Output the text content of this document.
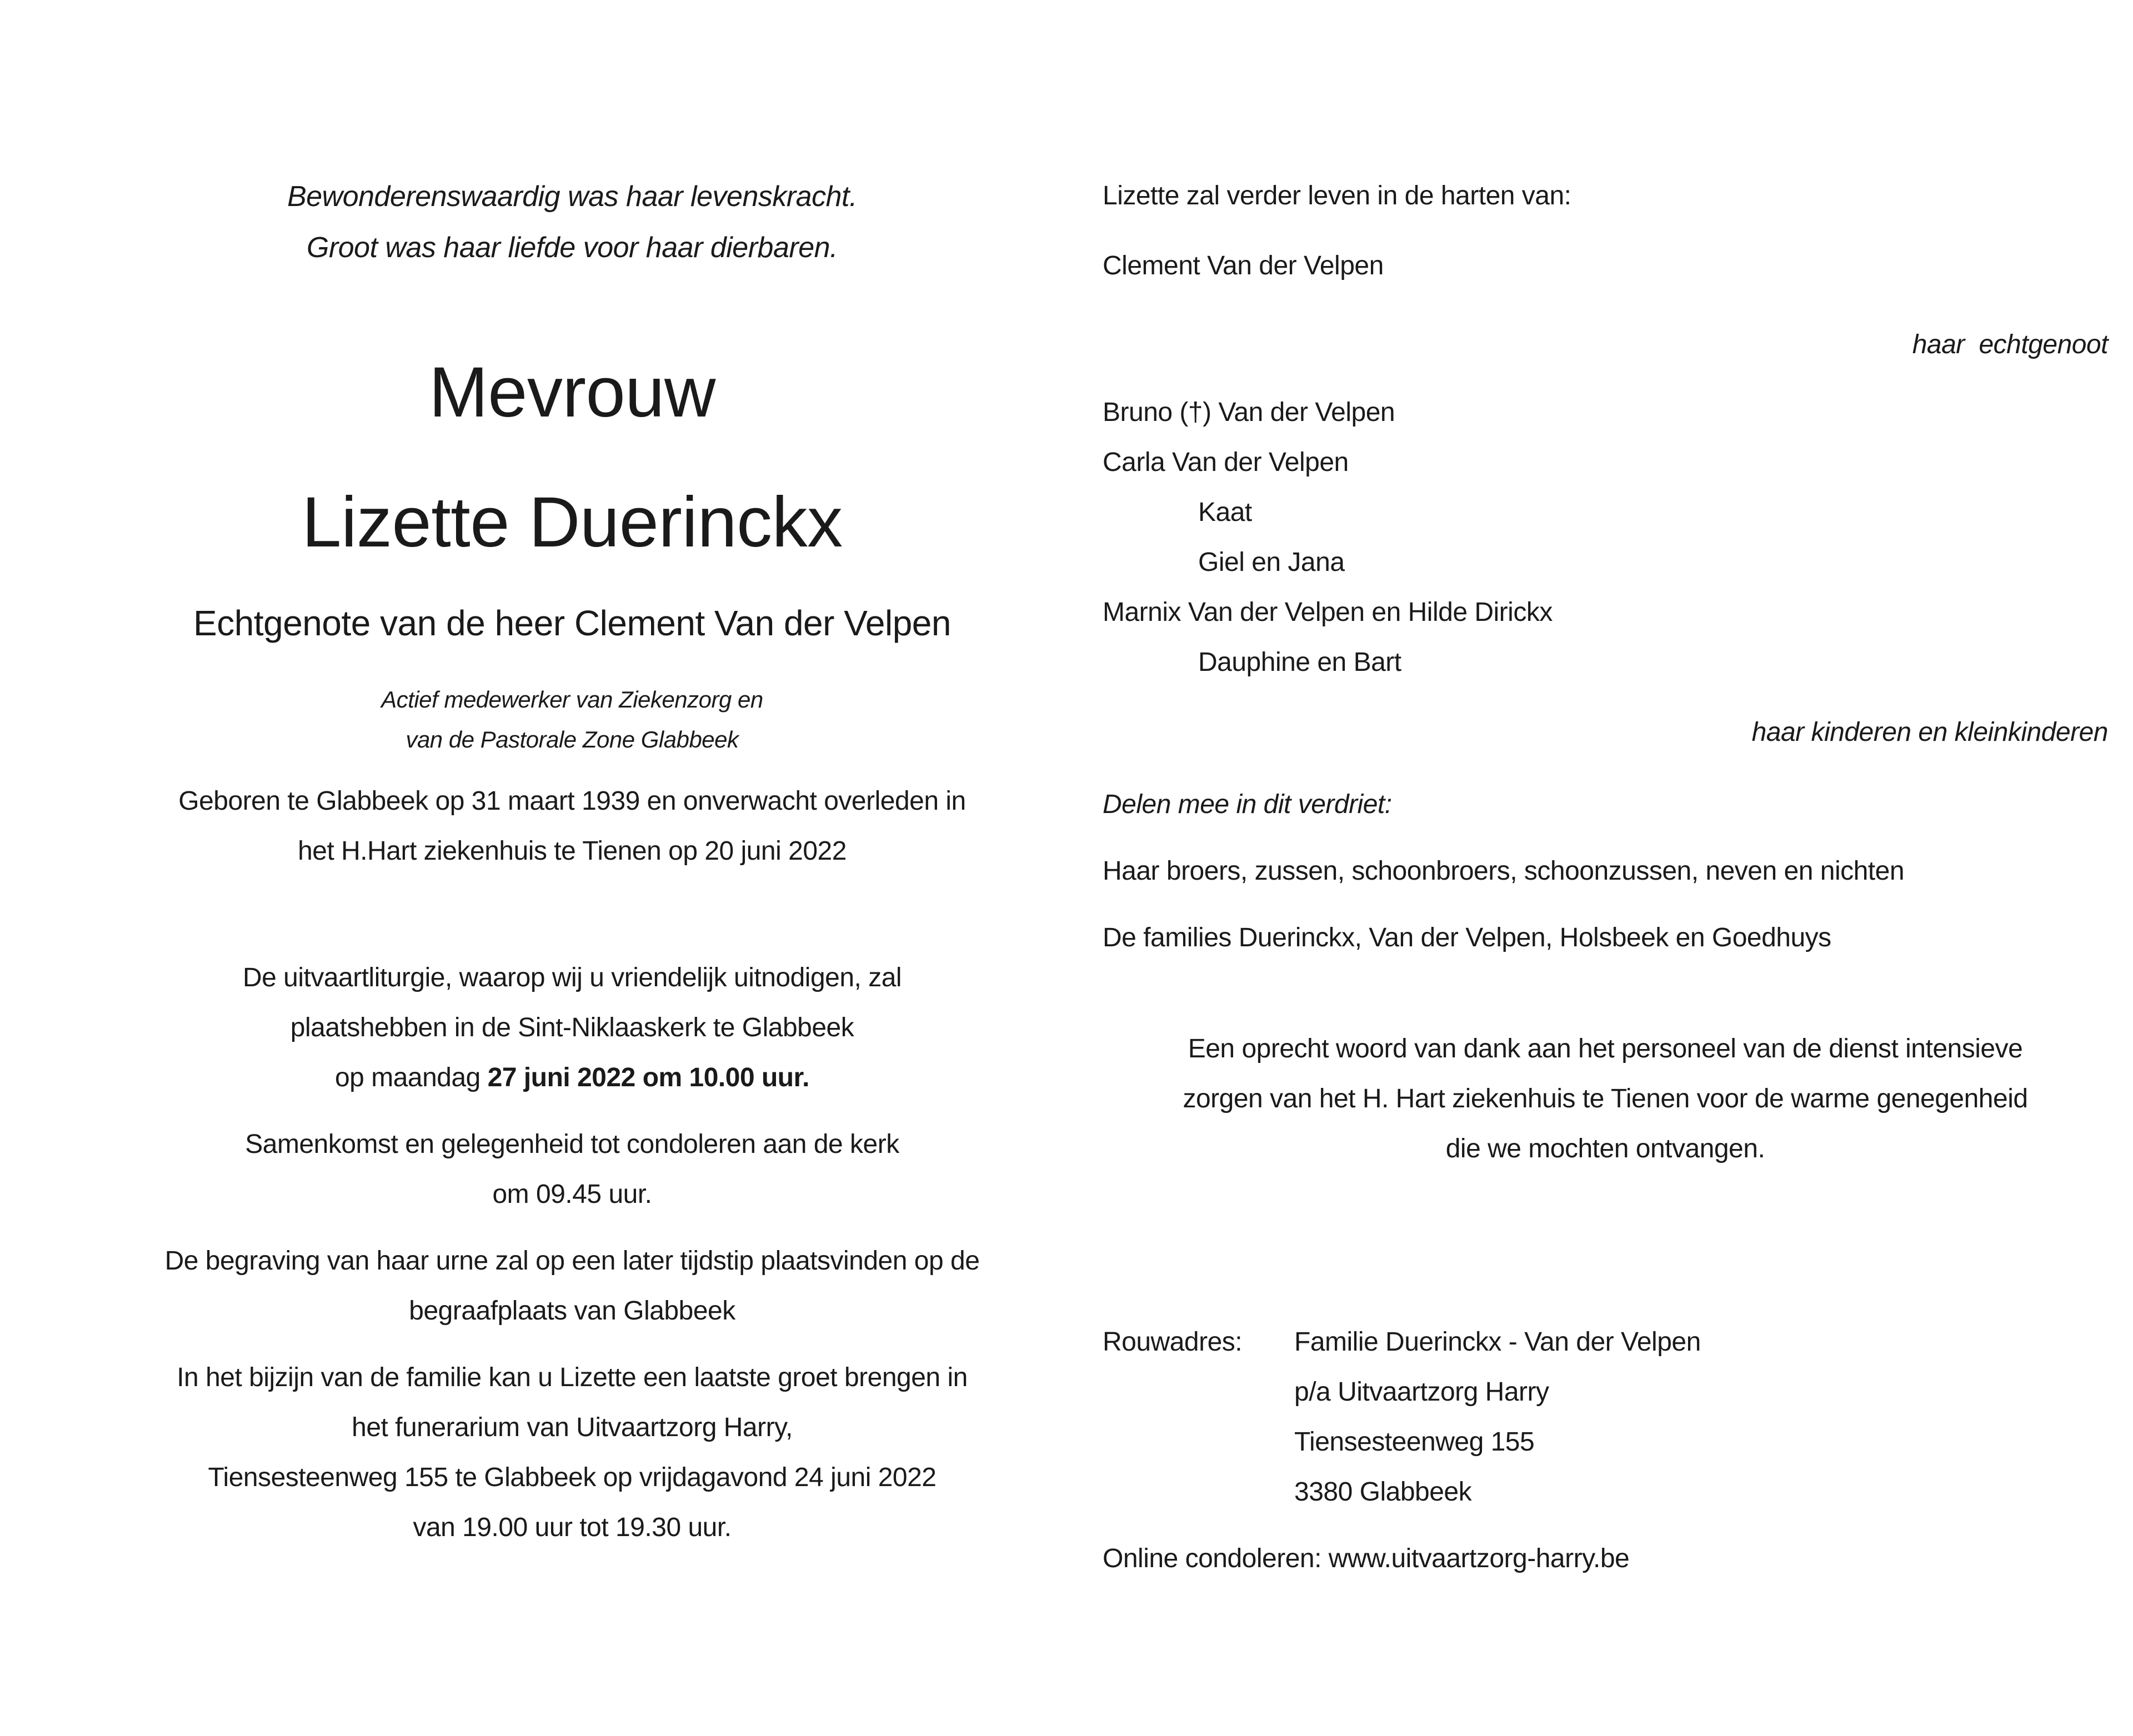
Bewonderenswaardig was haar levenskracht.
Groot was haar liefde voor haar dierbaren.
Mevrouw
Lizette Duerinckx
Echtgenote van de heer Clement Van der Velpen
Actief medewerker van Ziekenzorg en
van de Pastorale Zone Glabbeek
Geboren te Glabbeek op 31 maart 1939 en onverwacht overleden in
het H.Hart ziekenhuis te Tienen op 20 juni 2022
De uitvaartliturgie, waarop wij u vriendelijk uitnodigen, zal
plaatshebben in de Sint-Niklaaskerk te Glabbeek
op maandag 27 juni 2022 om 10.00 uur.
Samenkomst en gelegenheid tot condoleren aan de kerk
om 09.45 uur.
De begraving van haar urne zal op een later tijdstip plaatsvinden op de
begraafplaats van Glabbeek
In het bijzijn van de familie kan u Lizette een laatste groet brengen in
het funerarium van Uitvaartzorg Harry,
Tiensesteenweg 155 te Glabbeek op vrijdagavond 24 juni 2022
van 19.00 uur tot 19.30 uur.
Lizette zal verder leven in de harten van:
Clement Van der Velpen
haar  echtgenoot
Bruno (†) Van der Velpen
Carla Van der Velpen
Kaat
Giel en Jana
Marnix Van der Velpen en Hilde Dirickx
Dauphine en Bart
haar kinderen en kleinkinderen
Delen mee in dit verdriet:
Haar broers, zussen, schoonbroers, schoonzussen, neven en nichten
De families Duerinckx, Van der Velpen, Holsbeek en Goedhuys
Een oprecht woord van dank aan het personeel van de dienst intensieve
zorgen van het H. Hart ziekenhuis te Tienen voor de warme genegenheid
die we mochten ontvangen.
Rouwadres:	Familie Duerinckx - Van der Velpen
p/a Uitvaartzorg Harry
Tiensesteenweg 155
3380 Glabbeek
Online condoleren: www.uitvaartzorg-harry.be
